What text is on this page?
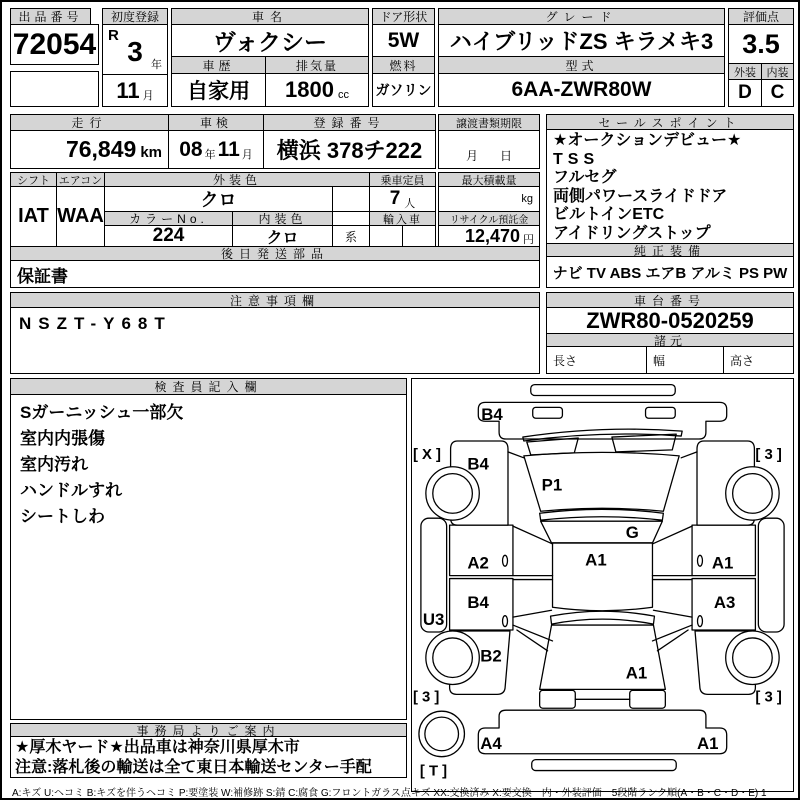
出品番号
72054
初度登録
R 3 年
11 月
車名
ヴォクシー
車歴
自家用
排気量
1800 cc
ドア形状
5W
燃料
ガソリン
グレード
ハイブリッドZS キラメキ3
型式
6AA-ZWR80W
評価点
3.5
外装 内装
D C
走行
76,849 km
車検
08 年 11 月
登録番号
横浜 378チ222
譲渡書類期限
月 日
シフト エアコン
IAT WAA
外装色
クロ
乗車定員
7 人
最大積載量
kg
カラーNo.
224
内装色
クロ	系
輸入車	リサイクル預託金
12,470 円
後日発送部品
保証書
セールスポイント
★オークションデビュー★
TSS
フルセグ
両側パワースライドドア
ビルトインETC
アイドリングストップ
純正装備
ナビ TV ABS エアB アルミ PS PW
注意事項欄
NSZT-Y68T
車台番号
ZWR80-0520259
諸元
長さ	幅	高さ
検査員記入欄
Sガーニッシュ一部欠
室内内張傷
室内汚れ
ハンドルすれ
シートしわ
事務局よりご案内
★厚木ヤード★出品車は神奈川県厚木市
注意:落札後の輸送は全て東日本輸送センター手配
B4
B4
[ X ]	[ 3 ]
P1
G
A2	A1	A1
U3
B4	A3
B2
A1
[ 3 ]	[ 3 ]
A4	A1
[ T ]
A:キズ U:ヘコミ B:キズを伴うヘコミ P:要塗装 W:補修跡 S:錆 C:腐食 G:フロントガラス点キズ XX:交換済み X:要交換　内・外装評価　5段階ランク順(A・B・C・D・E) 1
